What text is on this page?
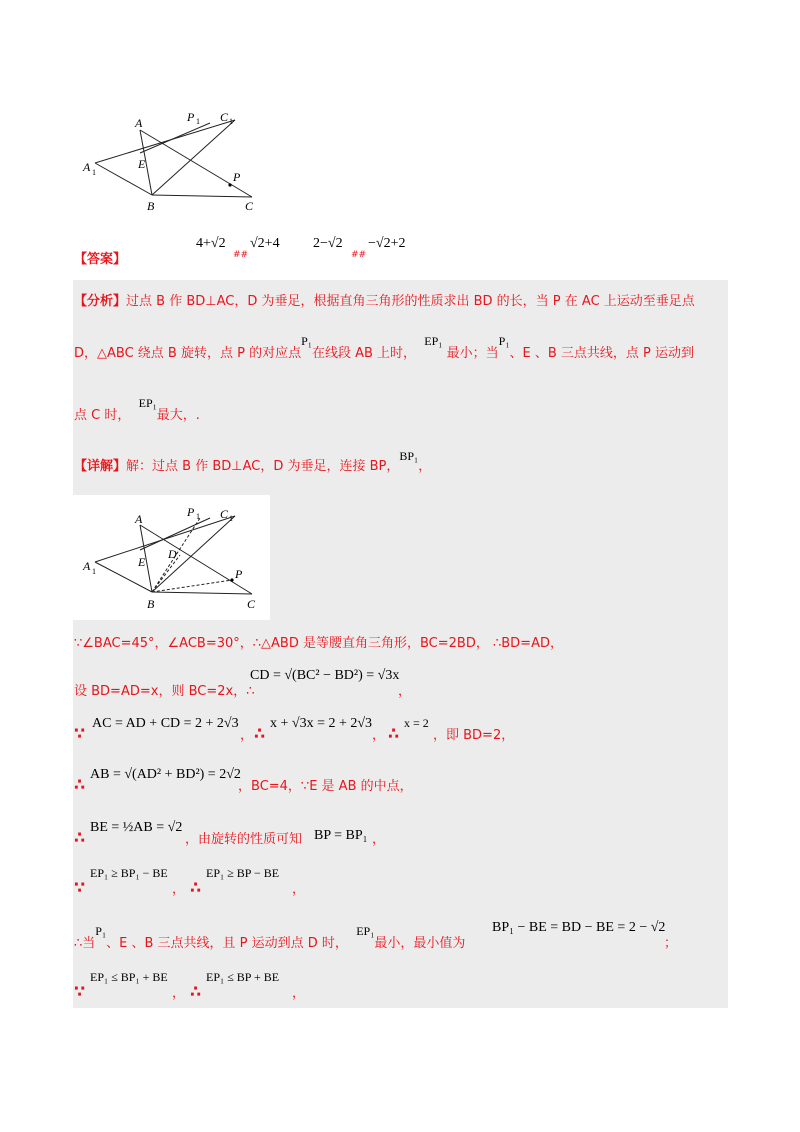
A
A 1
E
P 1 C 1
P
B	C
【答案】
4+√2
##
√2+4 2−√2
##
−√2+2
【分析】过点 B 作 BD⊥AC，D 为垂足，根据直角三角形的性质求出 BD 的长，当 P 在 AC 上运动至垂足点
D，△ABC 绕点 B 旋转，点 P 的对应点P₁在线段 AB 上时，  EP₁ 最小；当P₁、E 、B 三点共线，点 P 运动到
点 C 时，  EP₁最大，.
【详解】解：过点 B 作 BD⊥AC，D 为垂足，连接 BP，BP₁，
A
A 1
E
D
P 1 C 1
P
B	C
∵∠BAC=45°，∠ACB=30°，∴△ABD 是等腰直角三角形，BC=2BD， ∴BD=AD，
设 BD=AD=x，则 BC=2x，∴
CD = √(BC² − BD²) = √3x
，
∵
AC = AD + CD = 2 + 2√3
， ∴
x + √3x = 2 + 2√3
， ∴
x = 2
，即 BD=2，
∴
AB = √(AD² + BD²) = 2√2
，BC=4，∵E 是 AB 的中点，
∴
BE = ½AB = √2
，由旋转的性质可知 BP = BP₁ ，
∵
EP₁ ≥ BP₁ − BE
， ∴
EP₁ ≥ BP − BE
，
∴当P₁、E 、B 三点共线，且 P 运动到点 D 时，  EP₁最小，最小值为
BP₁ − BE = BD − BE = 2 − √2
；
∵
EP₁ ≤ BP₁ + BE
， ∴
EP₁ ≤ BP + BE
，
